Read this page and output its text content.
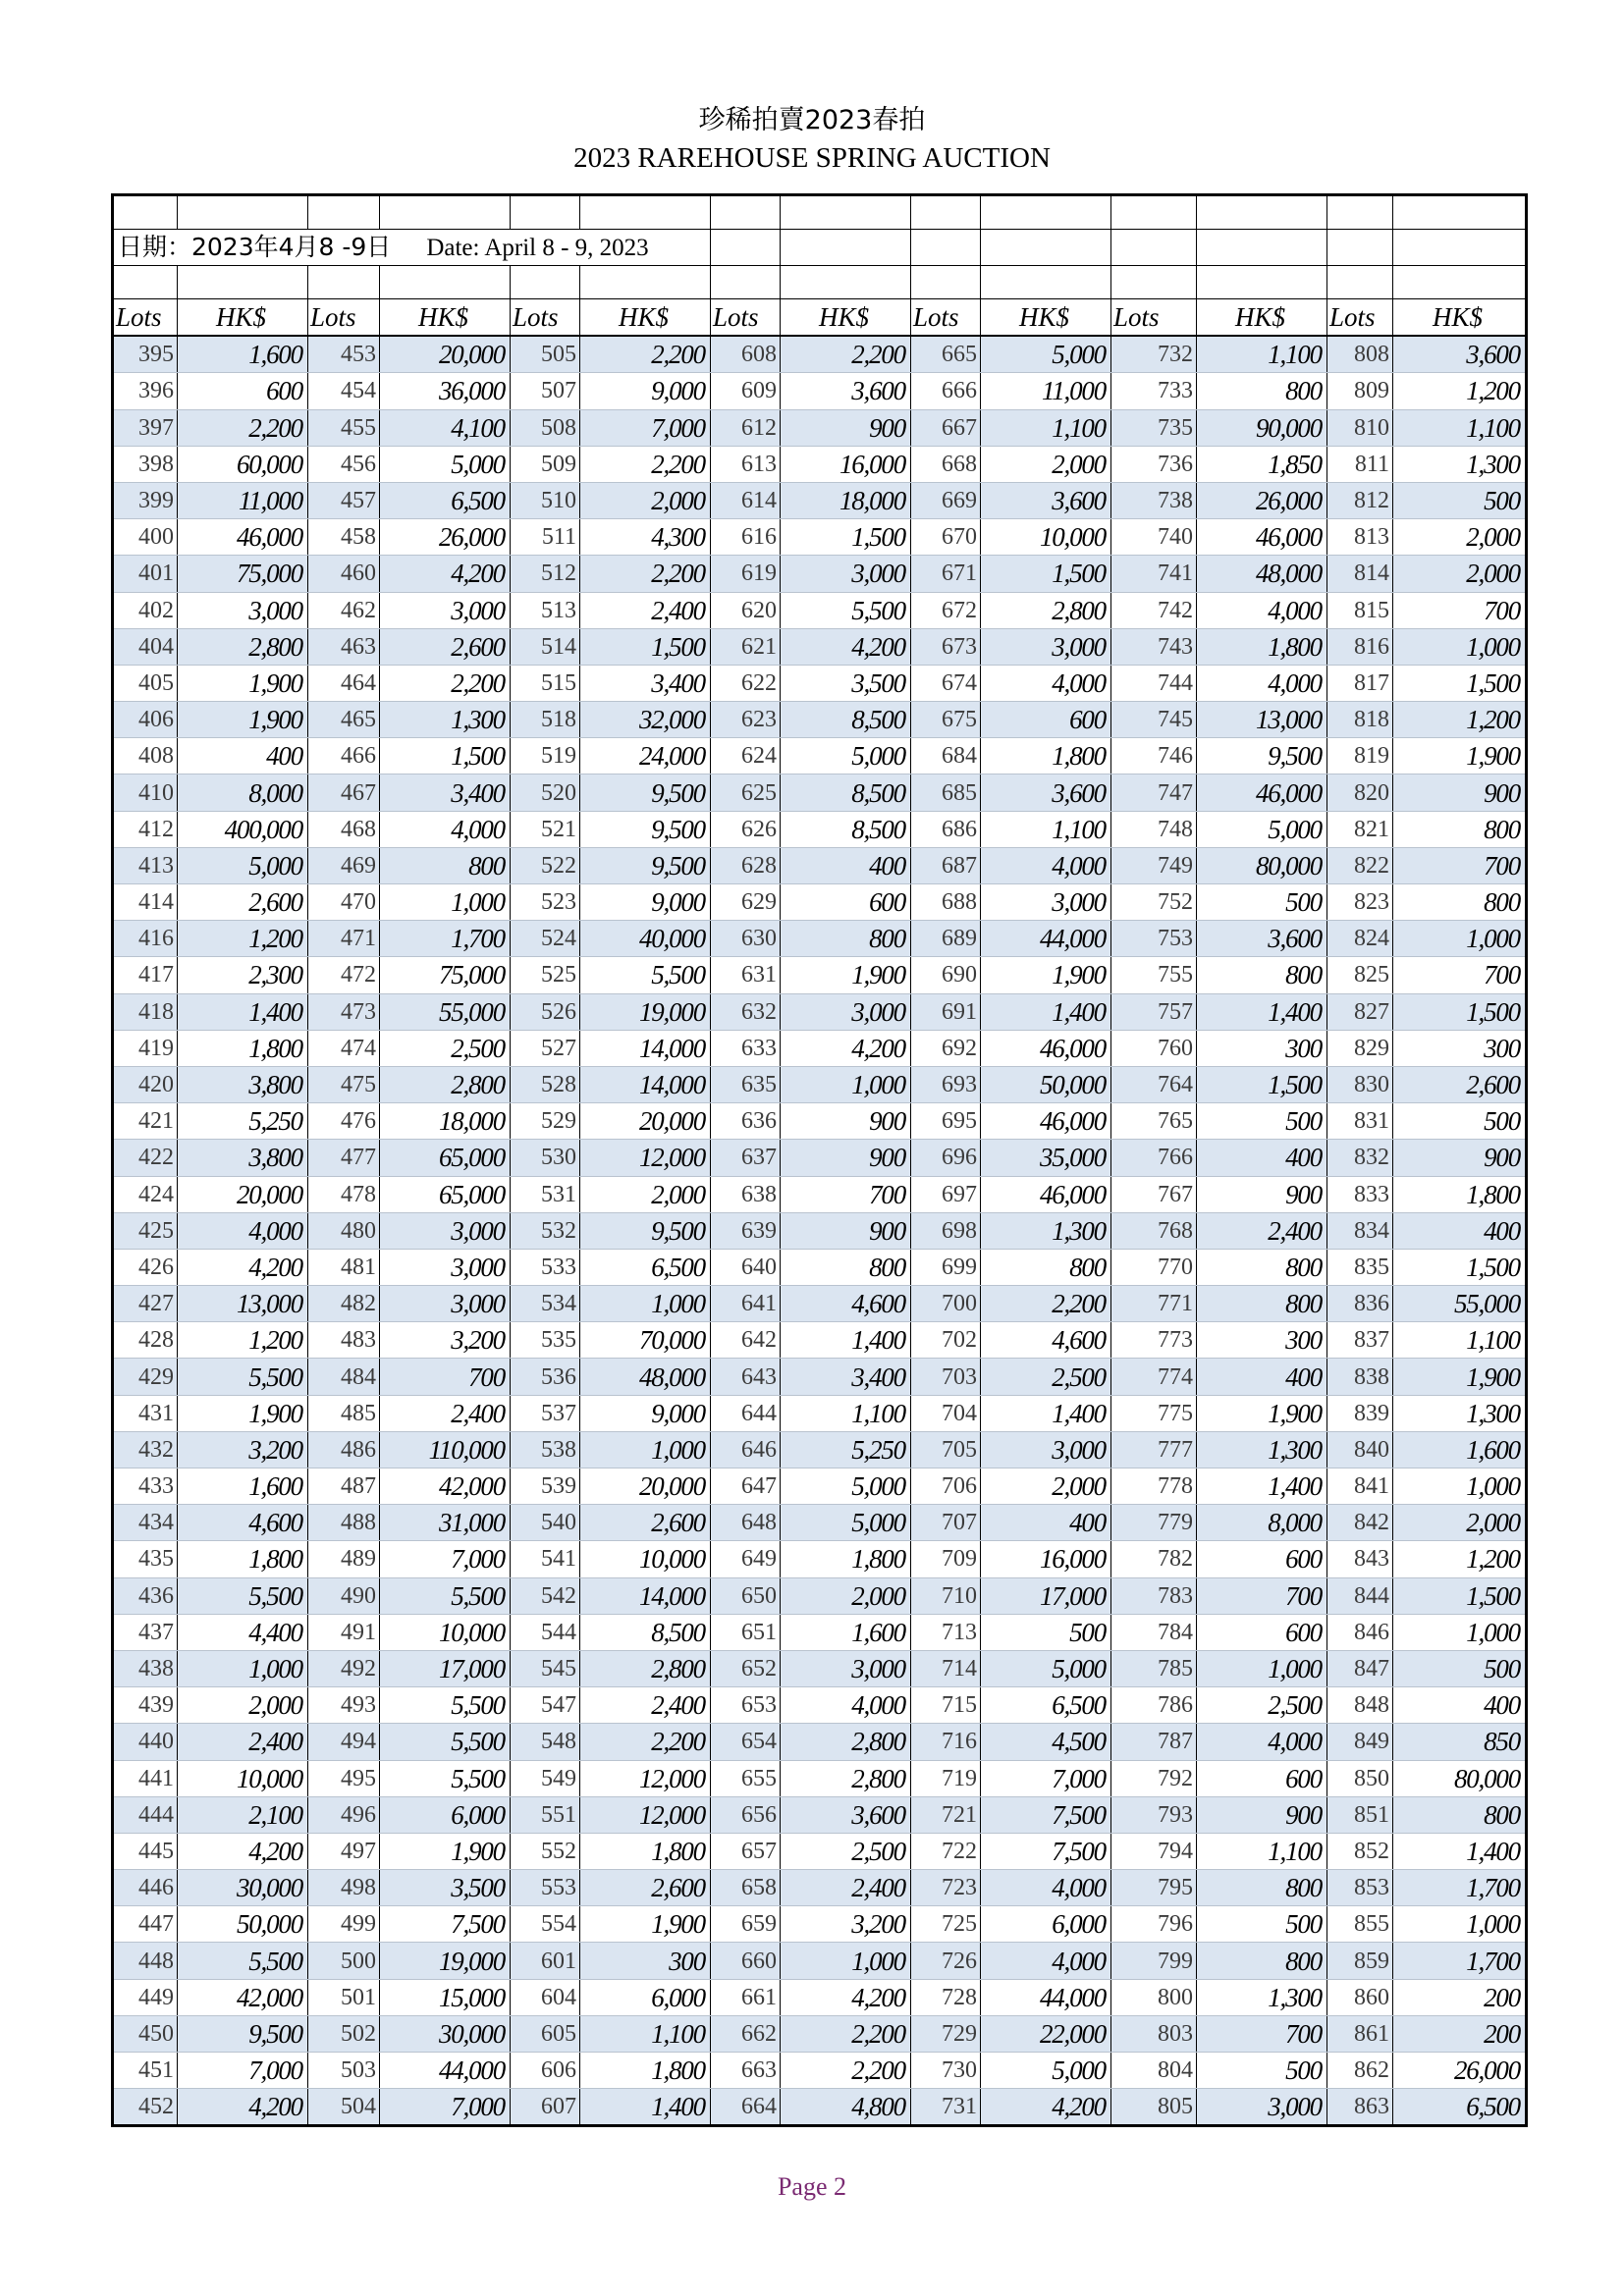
珍稀拍賣2023春拍
2023 RAREHOUSE SPRING AUCTION

日期：2023年4月8 -9日 Date: April 8 - 9, 2023													

Lots	HK$	Lots	HK$	Lots	HK$	Lots	HK$	Lots	HK$	Lots	HK$	Lots	HK$
395	1,600	453	20,000	505	2,200	608	2,200	665	5,000	732	1,100	808	3,600
396	600	454	36,000	507	9,000	609	3,600	666	11,000	733	800	809	1,200
397	2,200	455	4,100	508	7,000	612	900	667	1,100	735	90,000	810	1,100
398	60,000	456	5,000	509	2,200	613	16,000	668	2,000	736	1,850	811	1,300
399	11,000	457	6,500	510	2,000	614	18,000	669	3,600	738	26,000	812	500
400	46,000	458	26,000	511	4,300	616	1,500	670	10,000	740	46,000	813	2,000
401	75,000	460	4,200	512	2,200	619	3,000	671	1,500	741	48,000	814	2,000
402	3,000	462	3,000	513	2,400	620	5,500	672	2,800	742	4,000	815	700
404	2,800	463	2,600	514	1,500	621	4,200	673	3,000	743	1,800	816	1,000
405	1,900	464	2,200	515	3,400	622	3,500	674	4,000	744	4,000	817	1,500
406	1,900	465	1,300	518	32,000	623	8,500	675	600	745	13,000	818	1,200
408	400	466	1,500	519	24,000	624	5,000	684	1,800	746	9,500	819	1,900
410	8,000	467	3,400	520	9,500	625	8,500	685	3,600	747	46,000	820	900
412	400,000	468	4,000	521	9,500	626	8,500	686	1,100	748	5,000	821	800
413	5,000	469	800	522	9,500	628	400	687	4,000	749	80,000	822	700
414	2,600	470	1,000	523	9,000	629	600	688	3,000	752	500	823	800
416	1,200	471	1,700	524	40,000	630	800	689	44,000	753	3,600	824	1,000
417	2,300	472	75,000	525	5,500	631	1,900	690	1,900	755	800	825	700
418	1,400	473	55,000	526	19,000	632	3,000	691	1,400	757	1,400	827	1,500
419	1,800	474	2,500	527	14,000	633	4,200	692	46,000	760	300	829	300
420	3,800	475	2,800	528	14,000	635	1,000	693	50,000	764	1,500	830	2,600
421	5,250	476	18,000	529	20,000	636	900	695	46,000	765	500	831	500
422	3,800	477	65,000	530	12,000	637	900	696	35,000	766	400	832	900
424	20,000	478	65,000	531	2,000	638	700	697	46,000	767	900	833	1,800
425	4,000	480	3,000	532	9,500	639	900	698	1,300	768	2,400	834	400
426	4,200	481	3,000	533	6,500	640	800	699	800	770	800	835	1,500
427	13,000	482	3,000	534	1,000	641	4,600	700	2,200	771	800	836	55,000
428	1,200	483	3,200	535	70,000	642	1,400	702	4,600	773	300	837	1,100
429	5,500	484	700	536	48,000	643	3,400	703	2,500	774	400	838	1,900
431	1,900	485	2,400	537	9,000	644	1,100	704	1,400	775	1,900	839	1,300
432	3,200	486	110,000	538	1,000	646	5,250	705	3,000	777	1,300	840	1,600
433	1,600	487	42,000	539	20,000	647	5,000	706	2,000	778	1,400	841	1,000
434	4,600	488	31,000	540	2,600	648	5,000	707	400	779	8,000	842	2,000
435	1,800	489	7,000	541	10,000	649	1,800	709	16,000	782	600	843	1,200
436	5,500	490	5,500	542	14,000	650	2,000	710	17,000	783	700	844	1,500
437	4,400	491	10,000	544	8,500	651	1,600	713	500	784	600	846	1,000
438	1,000	492	17,000	545	2,800	652	3,000	714	5,000	785	1,000	847	500
439	2,000	493	5,500	547	2,400	653	4,000	715	6,500	786	2,500	848	400
440	2,400	494	5,500	548	2,200	654	2,800	716	4,500	787	4,000	849	850
441	10,000	495	5,500	549	12,000	655	2,800	719	7,000	792	600	850	80,000
444	2,100	496	6,000	551	12,000	656	3,600	721	7,500	793	900	851	800
445	4,200	497	1,900	552	1,800	657	2,500	722	7,500	794	1,100	852	1,400
446	30,000	498	3,500	553	2,600	658	2,400	723	4,000	795	800	853	1,700
447	50,000	499	7,500	554	1,900	659	3,200	725	6,000	796	500	855	1,000
448	5,500	500	19,000	601	300	660	1,000	726	4,000	799	800	859	1,700
449	42,000	501	15,000	604	6,000	661	4,200	728	44,000	800	1,300	860	200
450	9,500	502	30,000	605	1,100	662	2,200	729	22,000	803	700	861	200
451	7,000	503	44,000	606	1,800	663	2,200	730	5,000	804	500	862	26,000
452	4,200	504	7,000	607	1,400	664	4,800	731	4,200	805	3,000	863	6,500
Page 2
